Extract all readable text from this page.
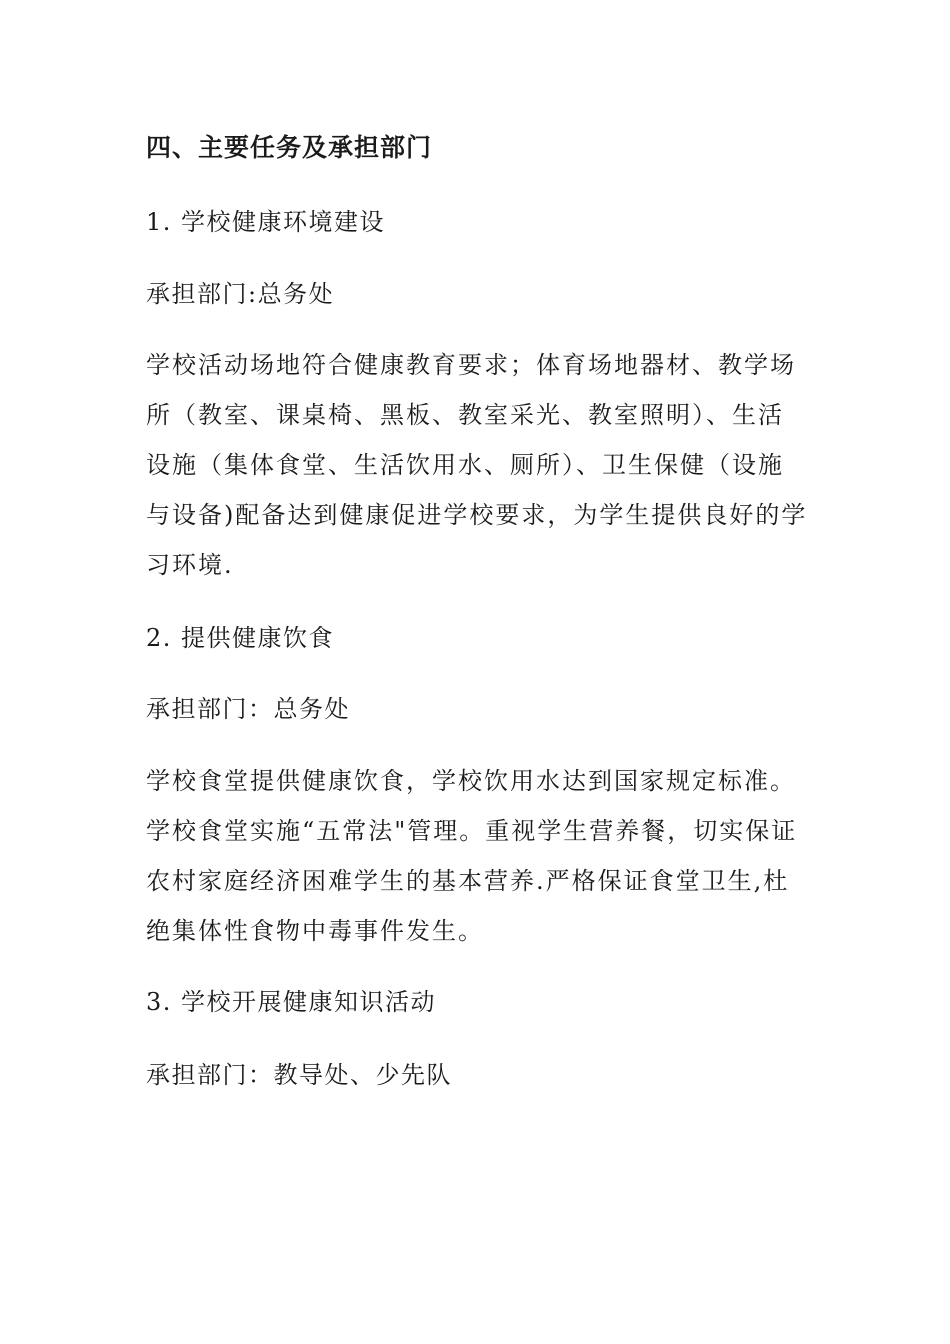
四、主要任务及承担部门
1. 学校健康环境建设
承担部门:总务处
学校活动场地符合健康教育要求；体育场地器材、教学场
所（教室、课桌椅、黑板、教室采光、教室照明）、生活
设施（集体食堂、生活饮用水、厕所）、卫生保健（设施
与设备)配备达到健康促进学校要求，为学生提供良好的学
习环境.
2. 提供健康饮食
承担部门：总务处
学校食堂提供健康饮食，学校饮用水达到国家规定标准。
学校食堂实施“五常法"管理。重视学生营养餐，切实保证
农村家庭经济困难学生的基本营养.严格保证食堂卫生,杜
绝集体性食物中毒事件发生。
3. 学校开展健康知识活动
承担部门：教导处、少先队
